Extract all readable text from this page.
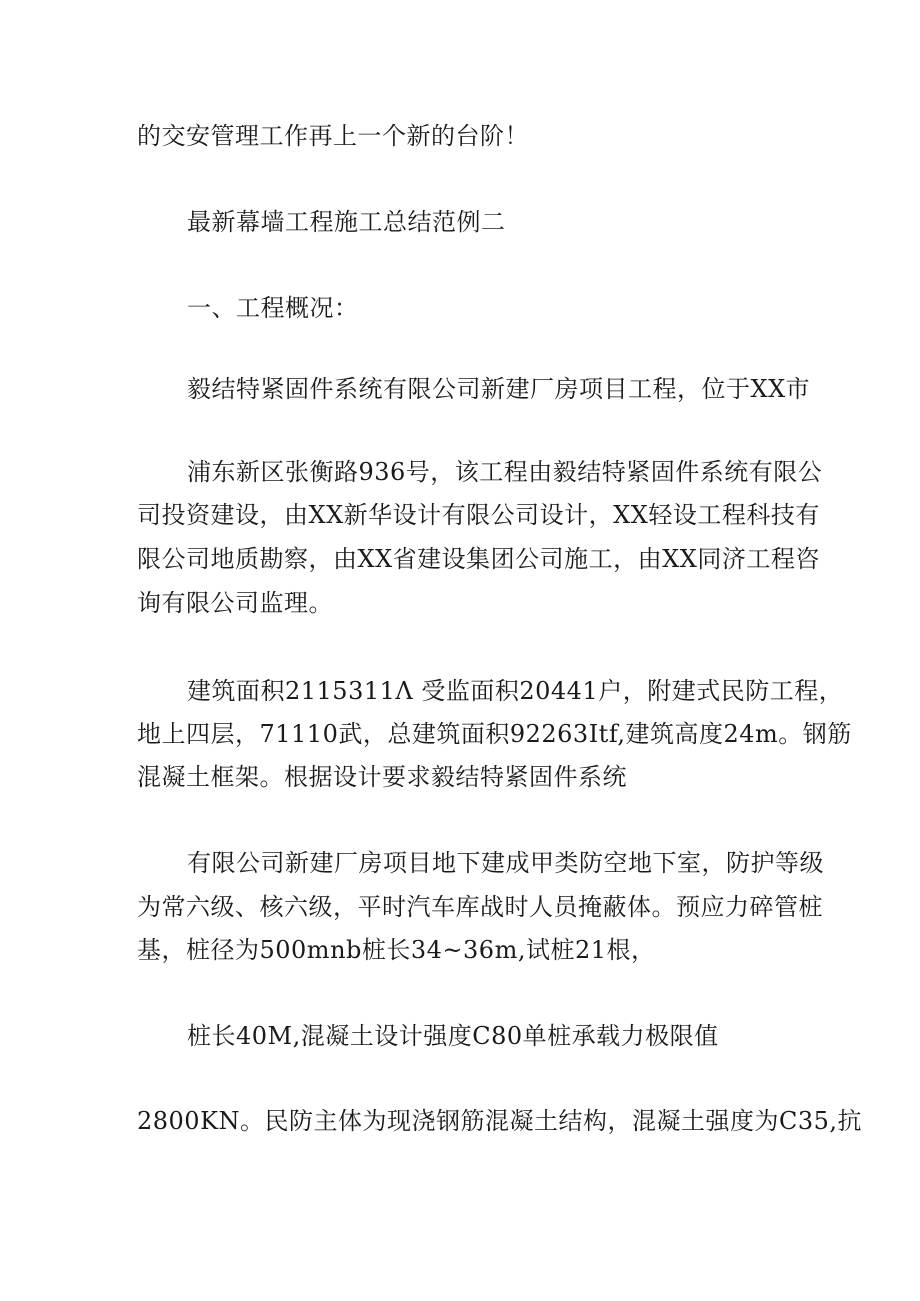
的交安管理工作再上一个新的台阶！
最新幕墙工程施工总结范例二
一、工程概况：
毅结特紧固件系统有限公司新建厂房项目工程，位于XX市
浦东新区张衡路936号，该工程由毅结特紧固件系统有限公
司投资建设，由XX新华设计有限公司设计，XX轻设工程科技有
限公司地质勘察，由XX省建设集团公司施工，由XX同济工程咨
询有限公司监理。
建筑面积2115311Λ 受监面积20441户，附建式民防工程，
地上四层，71110武，总建筑面积92263Itf,建筑高度24m。钢筋
混凝土框架。根据设计要求毅结特紧固件系统
有限公司新建厂房项目地下建成甲类防空地下室，防护等级
为常六级、核六级，平时汽车库战时人员掩蔽体。预应力碎管桩
基，桩径为500mnb桩长34~36m,试桩21根，
桩长40M,混凝土设计强度C80单桩承载力极限值
2800KN。民防主体为现浇钢筋混凝土结构，混凝土强度为C35,抗
